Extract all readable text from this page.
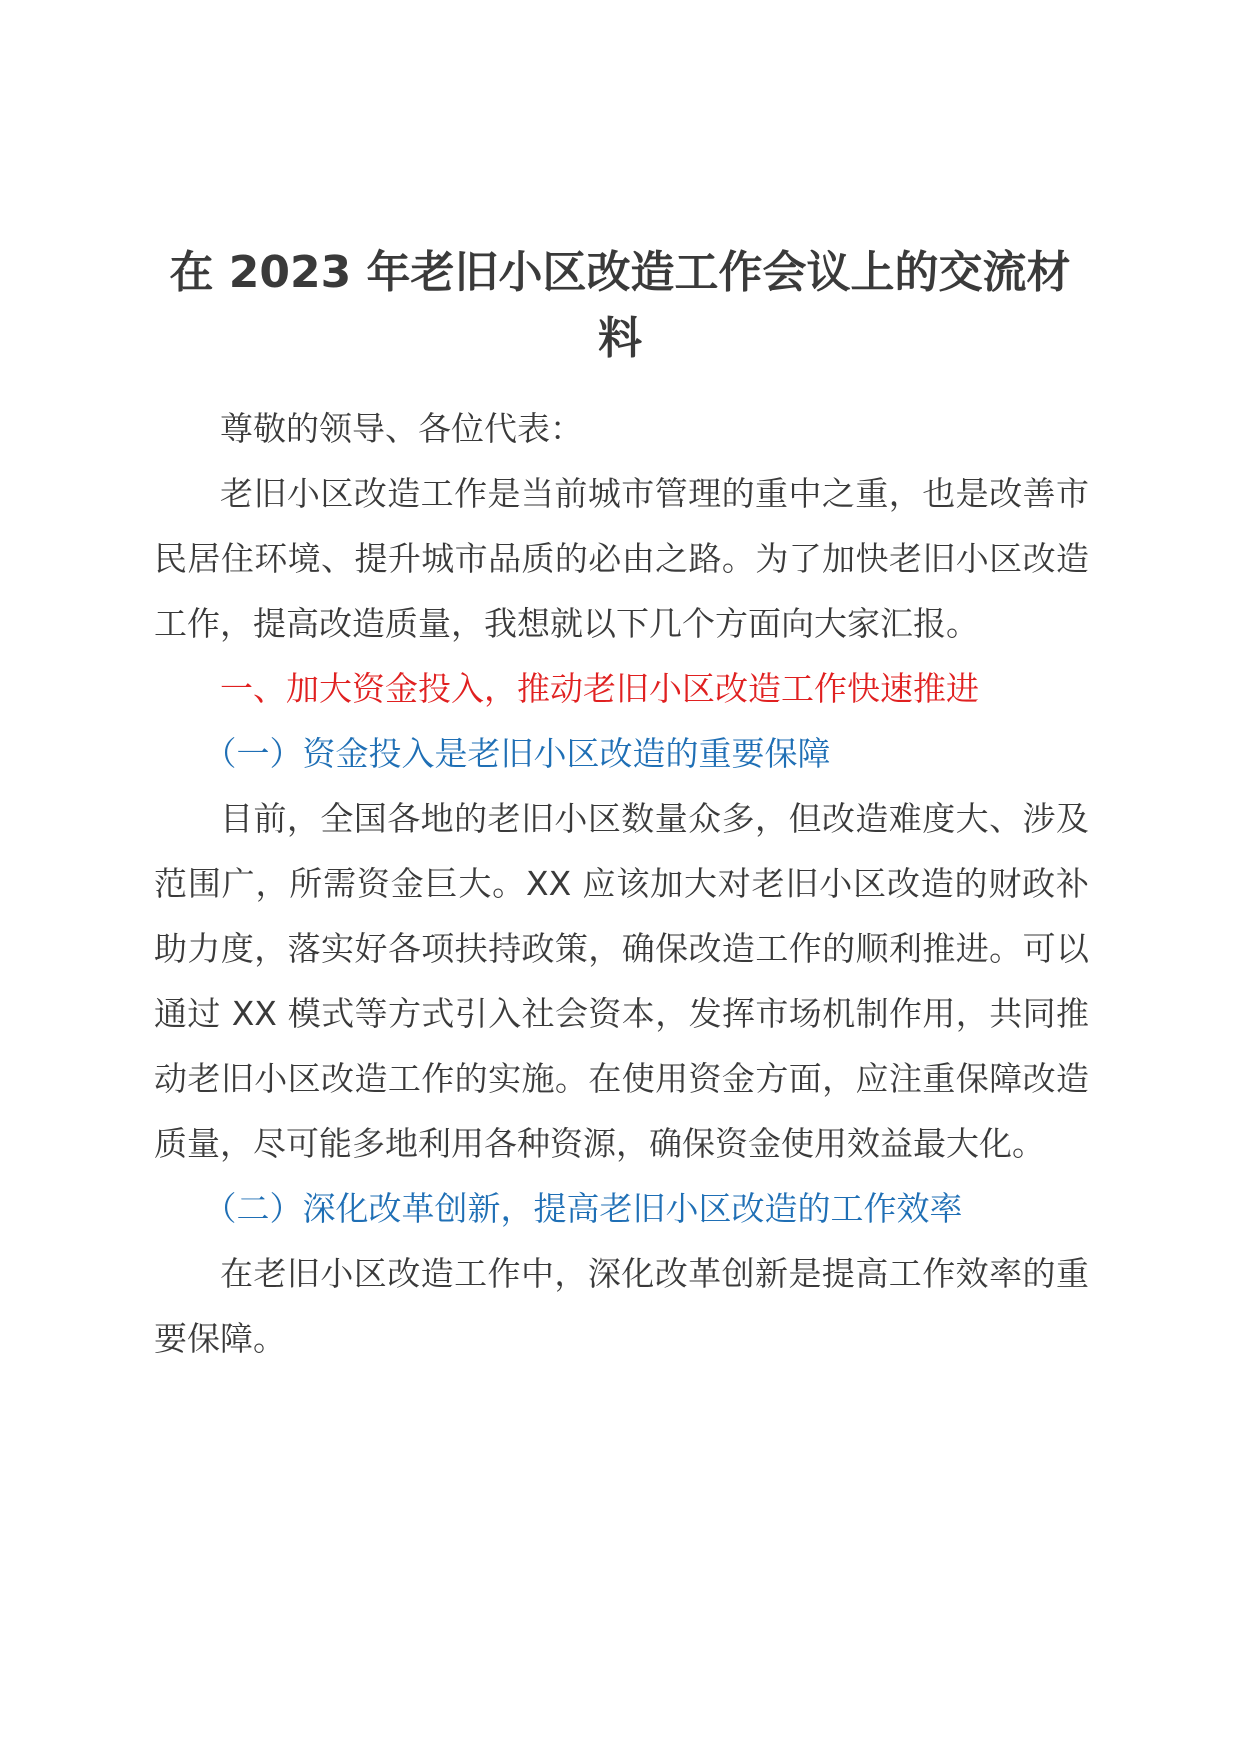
在 2023 年老旧小区改造工作会议上的交流材料

尊敬的领导、各位代表：

老旧小区改造工作是当前城市管理的重中之重，也是改善市民居住环境、提升城市品质的必由之路。为了加快老旧小区改造工作，提高改造质量，我想就以下几个方面向大家汇报。

一、加大资金投入，推动老旧小区改造工作快速推进

（一）资金投入是老旧小区改造的重要保障

目前，全国各地的老旧小区数量众多，但改造难度大、涉及范围广，所需资金巨大。XX 应该加大对老旧小区改造的财政补助力度，落实好各项扶持政策，确保改造工作的顺利推进。可以通过 XX 模式等方式引入社会资本，发挥市场机制作用，共同推动老旧小区改造工作的实施。在使用资金方面，应注重保障改造质量，尽可能多地利用各种资源，确保资金使用效益最大化。

（二）深化改革创新，提高老旧小区改造的工作效率

在老旧小区改造工作中，深化改革创新是提高工作效率的重要保障。
